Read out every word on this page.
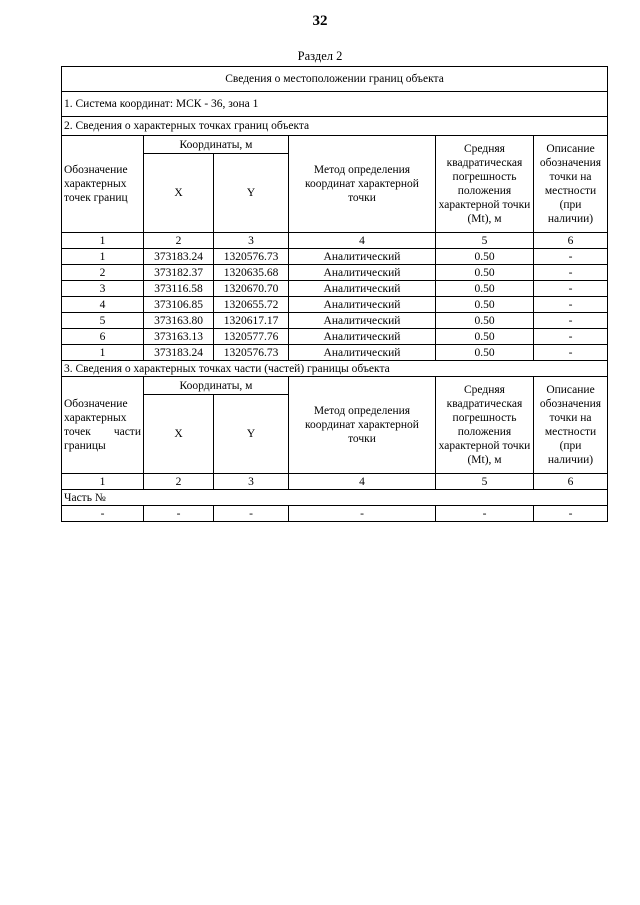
32
Раздел 2
Сведения о местоположении границ объекта					
1. Система координат: МСК - 36, зона 1					
2. Сведения о характерных точках границ объекта					
Обозначение характерных точек границ	Координаты, м		Метод определения координат характерной точки	Средняя квадратическая погрешность положения характерной точки (Mt), м	Описание обозначения точки на местности (при наличии)
	X	Y			
1	2	3	4	5	6
1	373183.24	1320576.73	Аналитический	0.50	-
2	373182.37	1320635.68	Аналитический	0.50	-
3	373116.58	1320670.70	Аналитический	0.50	-
4	373106.85	1320655.72	Аналитический	0.50	-
5	373163.80	1320617.17	Аналитический	0.50	-
6	373163.13	1320577.76	Аналитический	0.50	-
1	373183.24	1320576.73	Аналитический	0.50	-
3. Сведения о характерных точках части (частей) границы объекта					
Обозначение характерных точек части границы	Координаты, м		Метод определения координат характерной точки	Средняя квадратическая погрешность положения характерной точки (Mt), м	Описание обозначения точки на местности (при наличии)
	X	Y			
1	2	3	4	5	6
Часть №					
-	-	-	-	-	-
